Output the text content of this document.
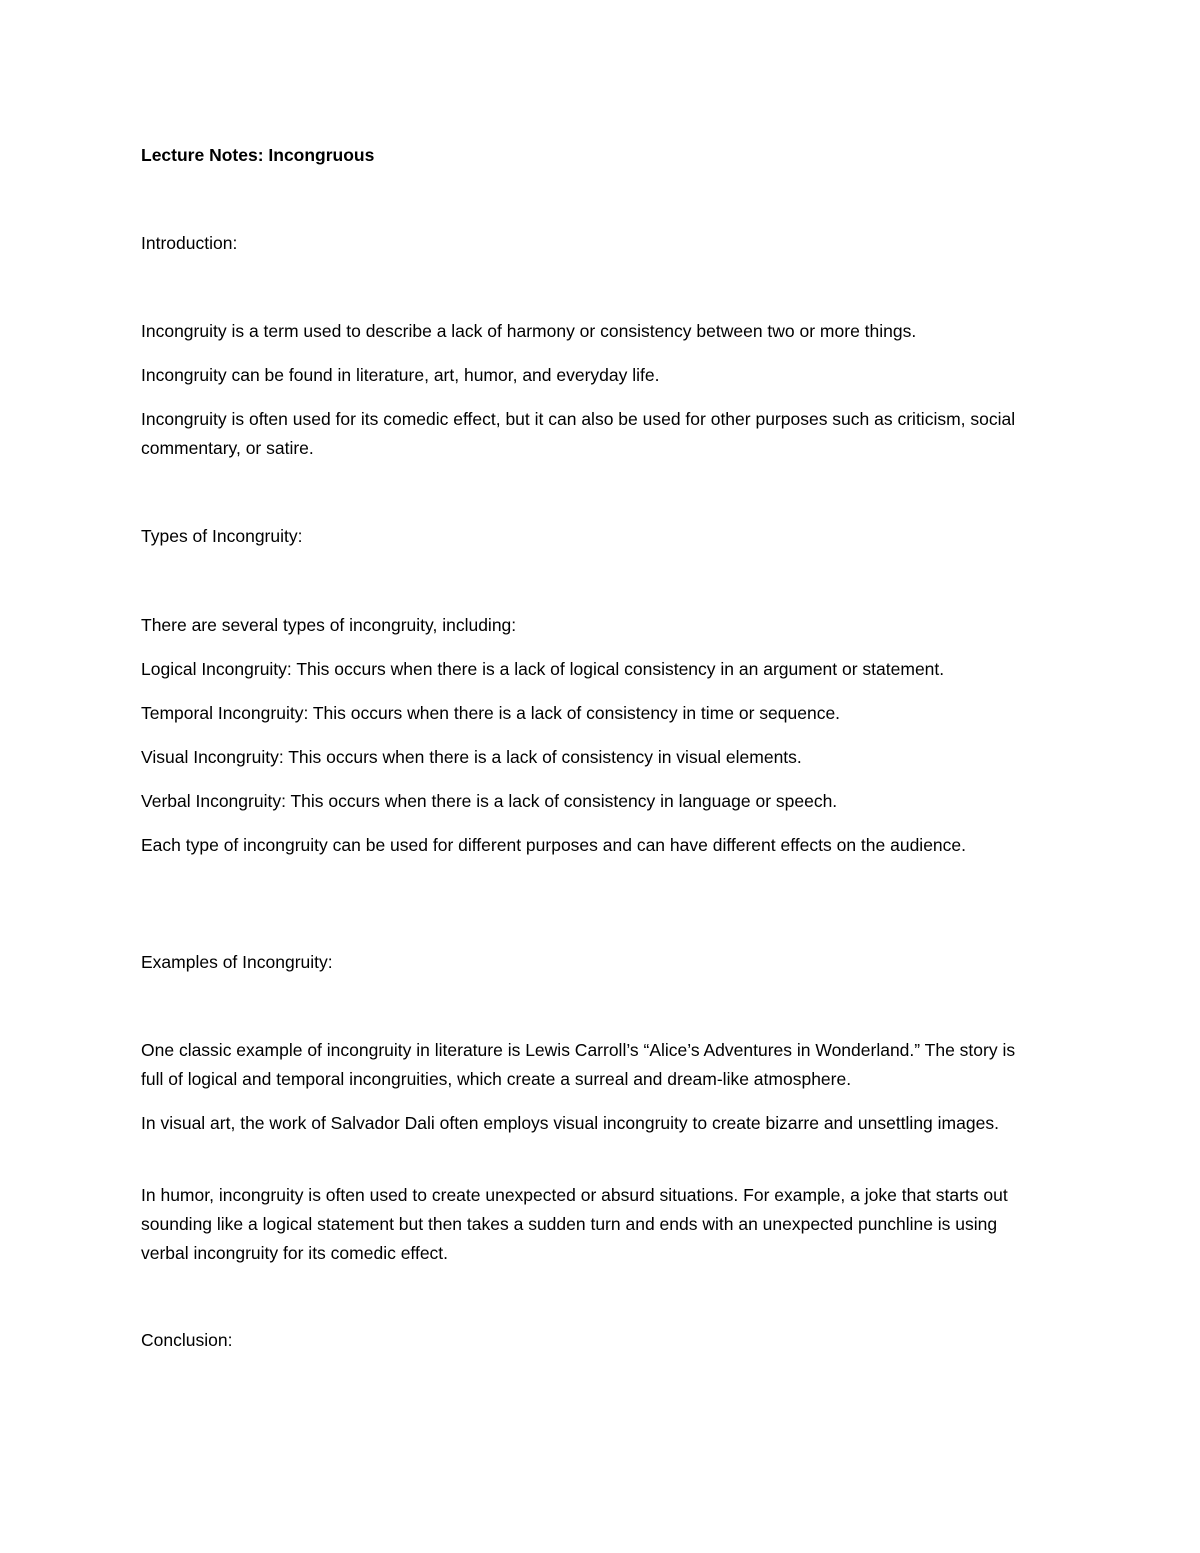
Lecture Notes: Incongruous
Introduction:
Incongruity is a term used to describe a lack of harmony or consistency between two or more things.
Incongruity can be found in literature, art, humor, and everyday life.
Incongruity is often used for its comedic effect, but it can also be used for other purposes such as criticism, social commentary, or satire.
Types of Incongruity:
There are several types of incongruity, including:
Logical Incongruity: This occurs when there is a lack of logical consistency in an argument or statement.
Temporal Incongruity: This occurs when there is a lack of consistency in time or sequence.
Visual Incongruity: This occurs when there is a lack of consistency in visual elements.
Verbal Incongruity: This occurs when there is a lack of consistency in language or speech.
Each type of incongruity can be used for different purposes and can have different effects on the audience.
Examples of Incongruity:
One classic example of incongruity in literature is Lewis Carroll’s “Alice’s Adventures in Wonderland.” The story is full of logical and temporal incongruities, which create a surreal and dream-like atmosphere.
In visual art, the work of Salvador Dali often employs visual incongruity to create bizarre and unsettling images.
In humor, incongruity is often used to create unexpected or absurd situations. For example, a joke that starts out sounding like a logical statement but then takes a sudden turn and ends with an unexpected punchline is using verbal incongruity for its comedic effect.
Conclusion:
